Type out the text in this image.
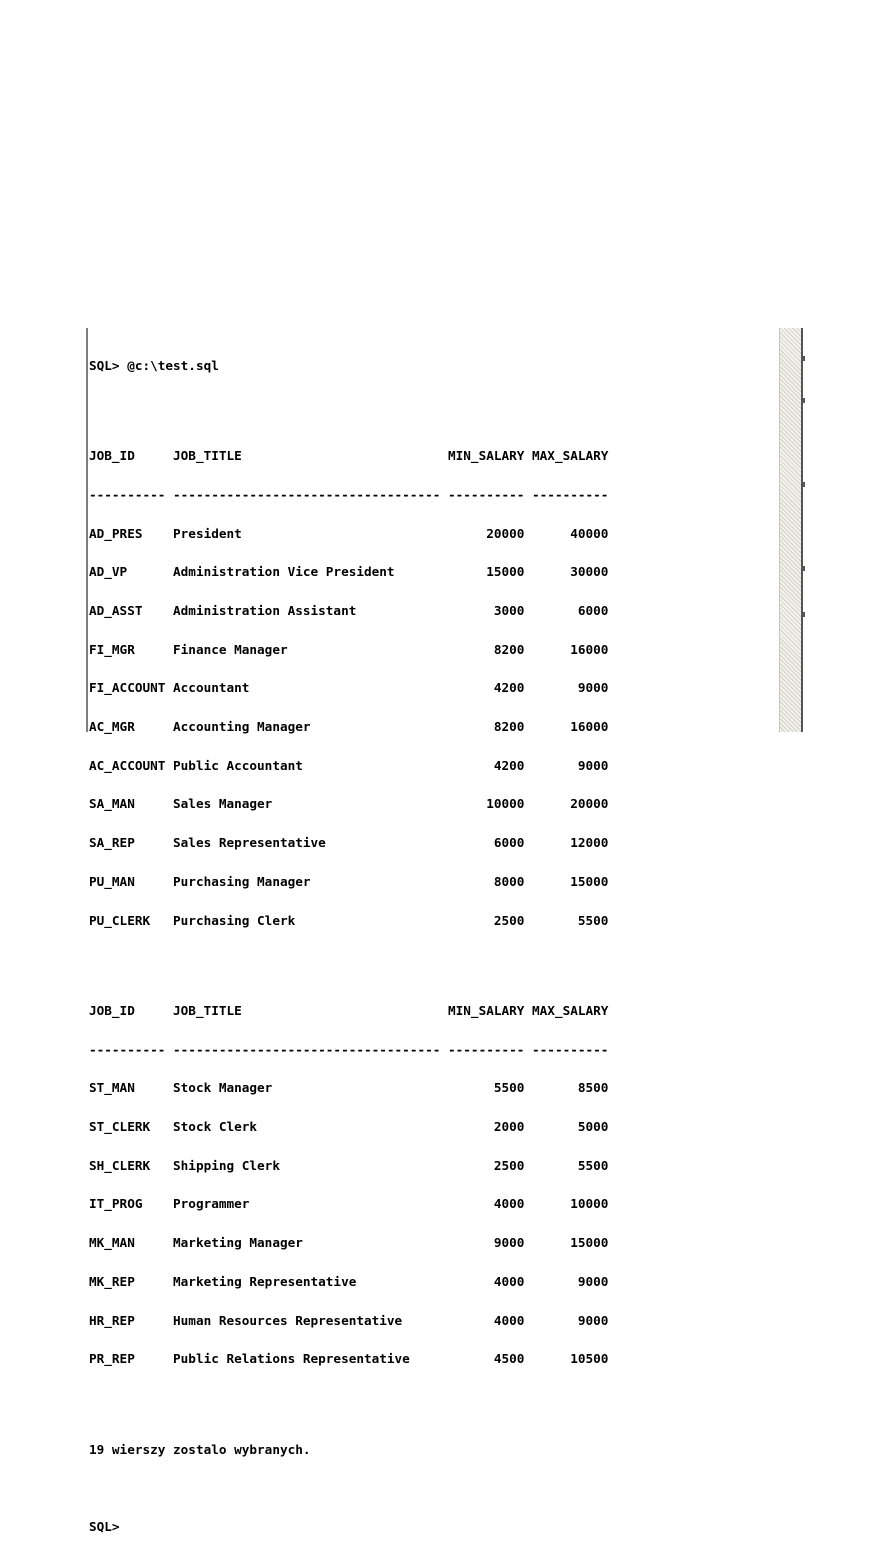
SQL> @c:\test.sql

JOB_ID     JOB_TITLE                           MIN_SALARY MAX_SALARY

---------- ----------------------------------- ---------- ----------

AD_PRES    President                                20000      40000

AD_VP      Administration Vice President            15000      30000

AD_ASST    Administration Assistant                  3000       6000

FI_MGR     Finance Manager                           8200      16000

FI_ACCOUNT Accountant                                4200       9000

AC_MGR     Accounting Manager                        8200      16000

AC_ACCOUNT Public Accountant                         4200       9000

SA_MAN     Sales Manager                            10000      20000

SA_REP     Sales Representative                      6000      12000

PU_MAN     Purchasing Manager                        8000      15000

PU_CLERK   Purchasing Clerk                          2500       5500

JOB_ID     JOB_TITLE                           MIN_SALARY MAX_SALARY

---------- ----------------------------------- ---------- ----------

ST_MAN     Stock Manager                             5500       8500

ST_CLERK   Stock Clerk                               2000       5000

SH_CLERK   Shipping Clerk                            2500       5500

IT_PROG    Programmer                                4000      10000

MK_MAN     Marketing Manager                         9000      15000

MK_REP     Marketing Representative                  4000       9000

HR_REP     Human Resources Representative            4000       9000

PR_REP     Public Relations Representative           4500      10500

19 wierszy zostalo wybranych.

SQL>
